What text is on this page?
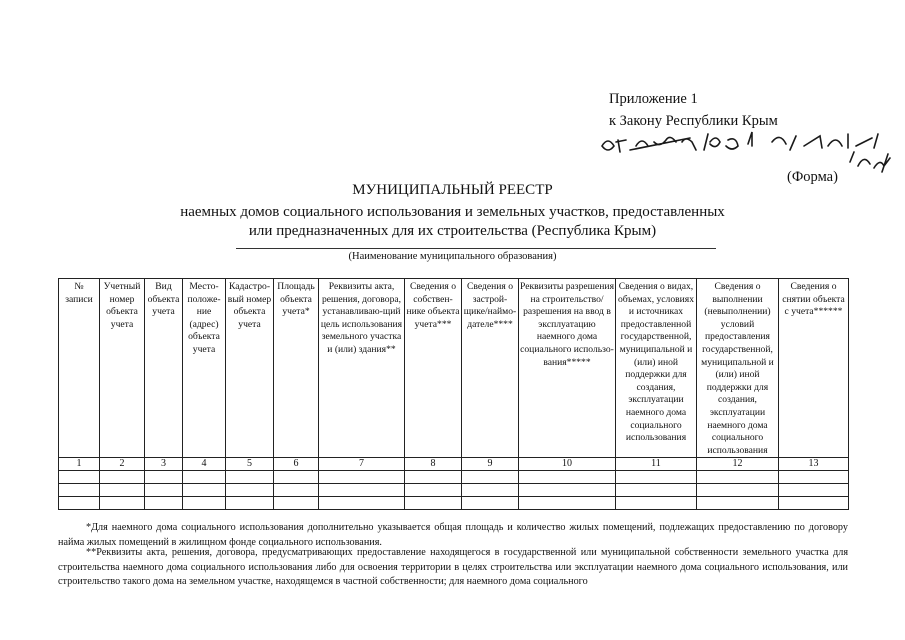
Приложение 1
к Закону Республики Крым
(Форма)
МУНИЦИПАЛЬНЫЙ РЕЕСТР
наемных домов социального использования и земельных участков, предоставленных
или предназначенных для их строительства (Республика Крым)
(Наименование муниципального образования)
№ записи	Учетный номер объекта учета	Вид объекта учета	Место-положе-ние (адрес) объекта учета	Кадастро-вый номер объекта учета	Площадь объекта учета*	Реквизиты акта, решения, договора, устанавливаю-щий цель использования земельного участка и (или) здания**	Сведения о собствен-нике объекта учета***	Сведения о застрой-щике/наймо-дателе****	Реквизиты разрешения на строительство/ разрешения на ввод в эксплуатацию наемного дома социального использо-вания*****	Сведения о видах, объемах, условиях и источниках предоставленной государственной, муниципальной и (или) иной поддержки для создания, эксплуатации наемного дома социального использования	Сведения о выполнении (невыполнении) условий предоставления государственной, муниципальной и (или) иной поддержки для создания, эксплуатации наемного дома социального использования	Сведения о снятии объекта с учета******
1	2	3	4	5	6	7	8	9	10	11	12	13

*Для наемного дома социального использования дополнительно указывается общая площадь и количество жилых помещений, подлежащих предоставлению по договору найма жилых помещений в жилищном фонде социального использования.

**Реквизиты акта, решения, договора, предусматривающих предоставление находящегося в государственной или муниципальной собственности земельного участка для строительства наемного дома социального использования либо для освоения территории в целях строительства или эксплуатации наемного дома социального использования, или строительство такого дома на земельном участке, находящемся в частной собственности; для наемного дома социального
